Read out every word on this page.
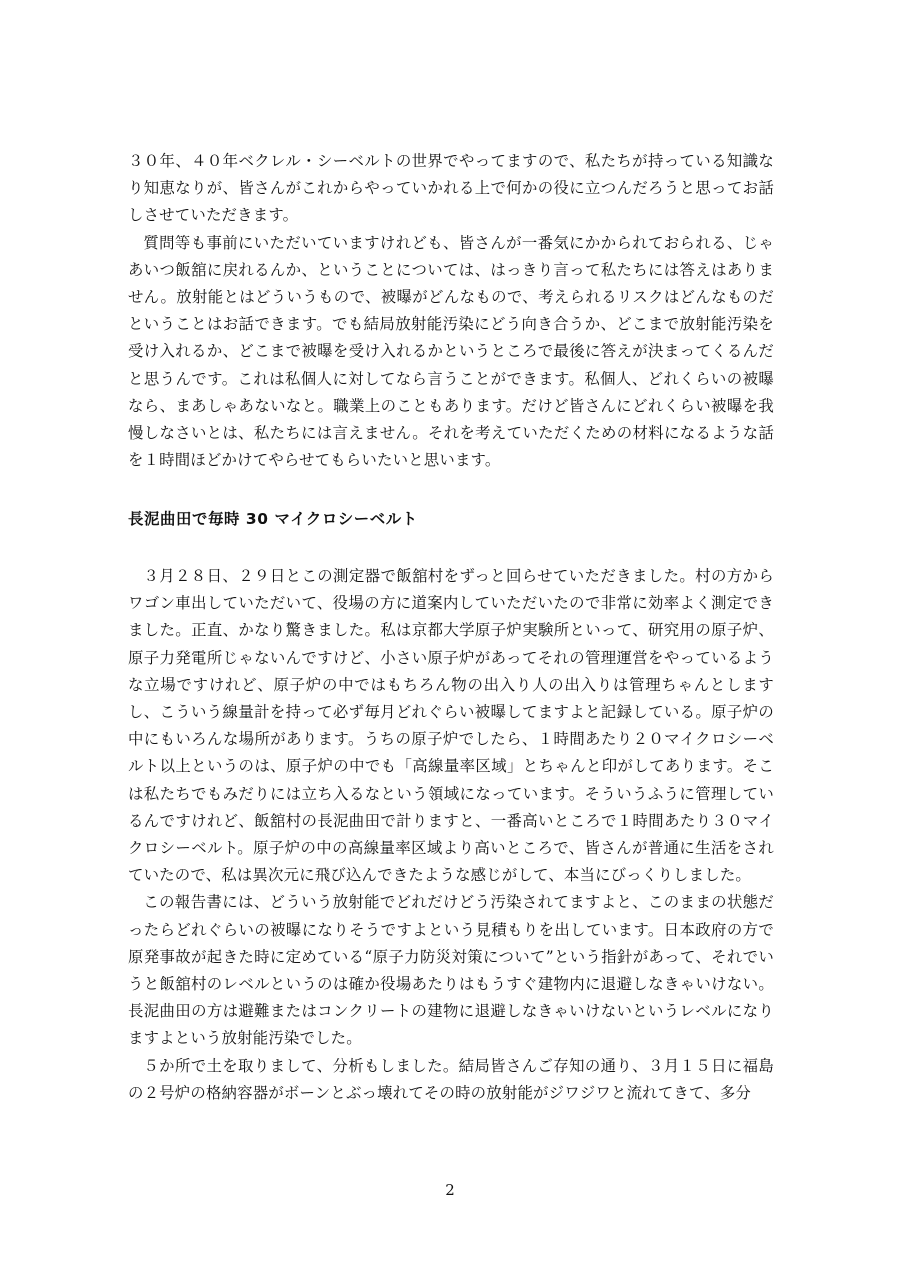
３０年、４０年ベクレル・シーベルトの世界でやってますので、私たちが持っている知識なり知恵なりが、皆さんがこれからやっていかれる上で何かの役に立つんだろうと思ってお話しさせていただきます。

質問等も事前にいただいていますけれども、皆さんが一番気にかかられておられる、じゃあいつ飯舘に戻れるんか、ということについては、はっきり言って私たちには答えはありません。放射能とはどういうもので、被曝がどんなもので、考えられるリスクはどんなものだということはお話できます。でも結局放射能汚染にどう向き合うか、どこまで放射能汚染を受け入れるか、どこまで被曝を受け入れるかというところで最後に答えが決まってくるんだと思うんです。これは私個人に対してなら言うことができます。私個人、どれくらいの被曝なら、まあしゃあないなと。職業上のこともあります。だけど皆さんにどれくらい被曝を我慢しなさいとは、私たちには言えません。それを考えていただくための材料になるような話を１時間ほどかけてやらせてもらいたいと思います。

長泥曲田で毎時 30 マイクロシーベルト

３月２８日、２９日とこの測定器で飯舘村をずっと回らせていただきました。村の方からワゴン車出していただいて、役場の方に道案内していただいたので非常に効率よく測定できました。正直、かなり驚きました。私は京都大学原子炉実験所といって、研究用の原子炉、原子力発電所じゃないんですけど、小さい原子炉があってそれの管理運営をやっているような立場ですけれど、原子炉の中ではもちろん物の出入り人の出入りは管理ちゃんとしますし、こういう線量計を持って必ず毎月どれぐらい被曝してますよと記録している。原子炉の中にもいろんな場所があります。うちの原子炉でしたら、１時間あたり２０マイクロシーベルト以上というのは、原子炉の中でも「高線量率区域」とちゃんと印がしてあります。そこは私たちでもみだりには立ち入るなという領域になっています。そういうふうに管理しているんですけれど、飯舘村の長泥曲田で計りますと、一番高いところで１時間あたり３０マイクロシーベルト。原子炉の中の高線量率区域より高いところで、皆さんが普通に生活をされていたので、私は異次元に飛び込んできたような感じがして、本当にびっくりしました。

この報告書には、どういう放射能でどれだけどう汚染されてますよと、このままの状態だったらどれぐらいの被曝になりそうですよという見積もりを出しています。日本政府の方で原発事故が起きた時に定めている“原子力防災対策について”という指針があって、それでいうと飯舘村のレベルというのは確か役場あたりはもうすぐ建物内に退避しなきゃいけない。長泥曲田の方は避難またはコンクリートの建物に退避しなきゃいけないというレベルになりますよという放射能汚染でした。

５か所で土を取りまして、分析もしました。結局皆さんご存知の通り、３月１５日に福島の２号炉の格納容器がボーンとぶっ壊れてその時の放射能がジワジワと流れてきて、多分

2
